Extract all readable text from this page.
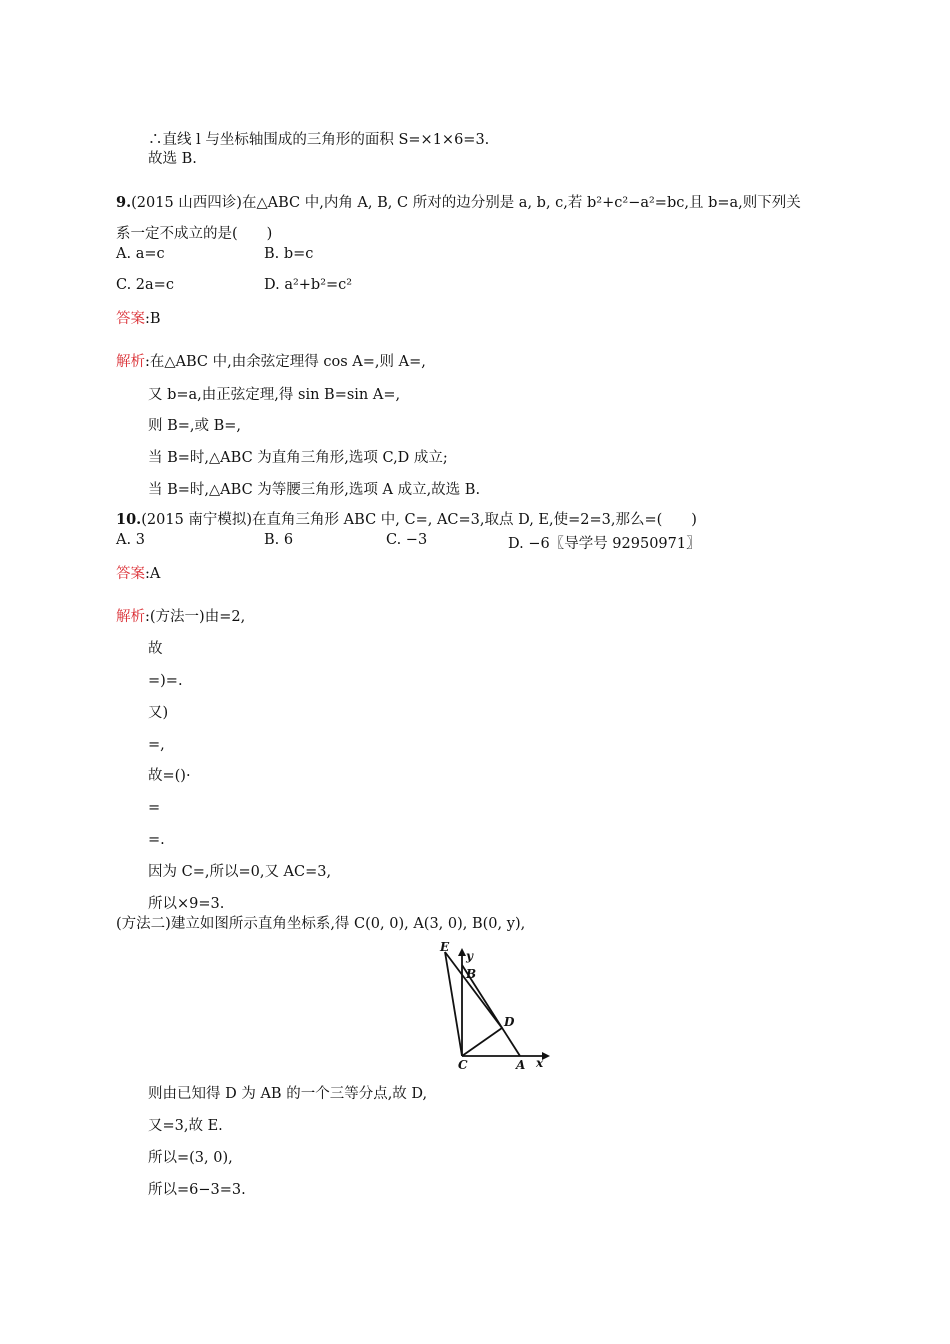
∴直线 l 与坐标轴围成的三角形的面积 S=×1×6=3.
故选 B.
9.(2015 山西四诊)在△ABC 中,内角 A, B, C 所对的边分别是 a, b, c,若 b²+c²−a²=bc,且 b=a,则下列关
系一定不成立的是(　　)
A. a=c	B. b=c
C. 2a=c	D. a²+b²=c²
答案:B
解析:在△ABC 中,由余弦定理得 cos A=,则 A=,
又 b=a,由正弦定理,得 sin B=sin A=,
则 B=,或 B=,
当 B=时,△ABC 为直角三角形,选项 C,D 成立;
当 B=时,△ABC 为等腰三角形,选项 A 成立,故选 B.
10.(2015 南宁模拟)在直角三角形 ABC 中, C=, AC=3,取点 D, E,使=2=3,那么=(　　)
A. 3	B. 6	C. −3	D. −6〖导学号 92950971〗
答案:A
解析:(方法一)由=2,
故
=)=.
又)
=,
故=()·
=
=.
因为 C=,所以=0,又 AC=3,
所以×9=3.
(方法二)建立如图所示直角坐标系,得 C(0, 0), A(3, 0), B(0, y),
E
y
B
D
C	A x
则由已知得 D 为 AB 的一个三等分点,故 D,
又=3,故 E.
所以=(3, 0),
所以=6−3=3.
